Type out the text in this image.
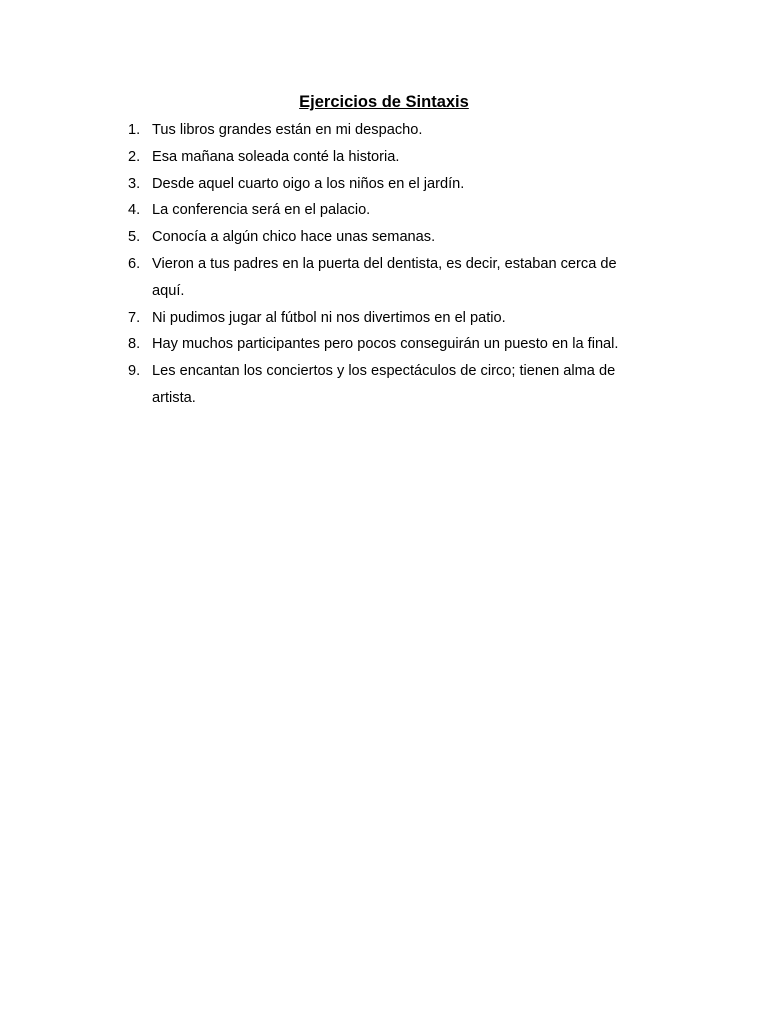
Ejercicios de Sintaxis
1. Tus libros grandes están en mi despacho.
2. Esa mañana soleada conté la historia.
3. Desde aquel cuarto oigo a los niños en el jardín.
4. La conferencia será en el palacio.
5. Conocía a algún chico hace unas semanas.
6. Vieron a tus padres en la puerta del dentista, es decir, estaban cerca de aquí.
7. Ni pudimos jugar al fútbol ni nos divertimos en el patio.
8. Hay muchos participantes pero pocos conseguirán un puesto en la final.
9. Les encantan los conciertos y los espectáculos de circo; tienen alma de artista.
